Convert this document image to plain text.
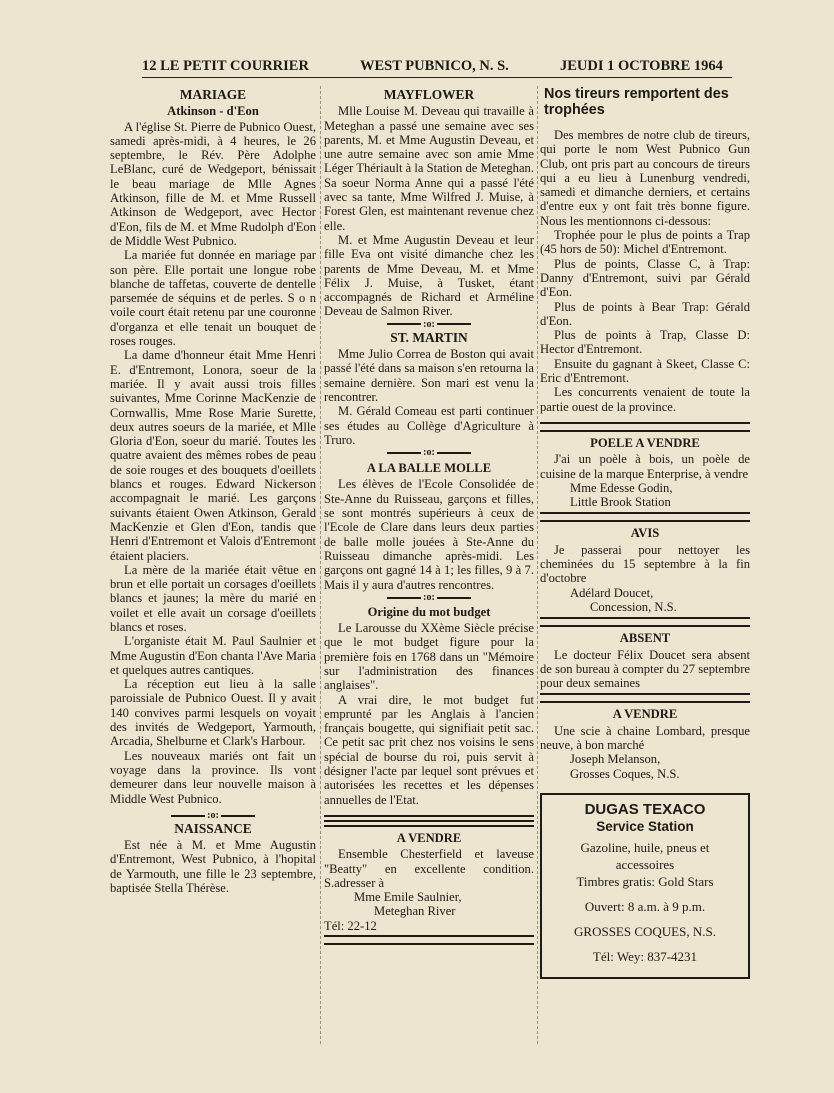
12 LE PETIT COURRIER	WEST PUBNICO, N. S.	JEUDI 1 OCTOBRE 1964
MARIAGE
Atkinson - d'Eon

A l'église St. Pierre de Pubnico Ouest, samedi après-midi, à 4 heures, le 26 septembre, le Rév. Père Adolphe LeBlanc, curé de Wedgeport, bénissait le beau mariage de Mlle Agnes Atkinson, fille de M. et Mme Russell Atkinson de Wedgeport, avec Hector d'Eon, fils de M. et Mme Rudolph d'Eon de Middle West Pubnico.

La mariée fut donnée en mariage par son père. Elle portait une longue robe blanche de taffetas, couverte de dentelle parsemée de séquins et de perles. S o n voile court était retenu par une couronne d'organza et elle tenait un bouquet de roses rouges.

La dame d'honneur était Mme Henri E. d'Entremont, Lonora, soeur de la mariée. Il y avait aussi trois filles suivantes, Mme Corinne MacKenzie de Cornwallis, Mme Rose Marie Surette, deux autres soeurs de la mariée, et Mlle Gloria d'Eon, soeur du marié. Toutes les quatre avaient des mêmes robes de peau de soie rouges et des bouquets d'oeillets blancs et rouges. Edward Nickerson accompagnait le marié. Les garçons suivants étaient Owen Atkinson, Gerald MacKenzie et Glen d'Eon, tandis que Henri d'Entremont et Valois d'Entremont étaient placiers.

La mère de la mariée était vêtue en brun et elle portait un corsages d'oeillets blancs et jaunes; la mère du marié en voilet et elle avait un corsage d'oeillets blancs et roses.

L'organiste était M. Paul Saulnier et Mme Augustin d'Eon chanta l'Ave Maria et quelques autres cantiques.

La réception eut lieu à la salle paroissiale de Pubnico Ouest. Il y avait 140 convives parmi lesquels on voyait des invités de Wedgeport, Yarmouth, Arcadia, Shelburne et Clark's Harbour.

Les nouveaux mariés ont fait un voyage dans la province. Ils vont demeurer dans leur nouvelle maison à Middle West Pubnico.

:o:
NAISSANCE

Est née à M. et Mme Augustin d'Entremont, West Pubnico, à l'hopital de Yarmouth, une fille le 23 septembre, baptisée Stella Thérèse.

MAYFLOWER

Mlle Louise M. Deveau qui travaille à Meteghan a passé une semaine avec ses parents, M. et Mme Augustin Deveau, et une autre semaine avec son amie Mme Léger Thériault à la Station de Meteghan. Sa soeur Norma Anne qui a passé l'été avec sa tante, Mme Wilfred J. Muise, à Forest Glen, est maintenant revenue chez elle.

M. et Mme Augustin Deveau et leur fille Eva ont visité dimanche chez les parents de Mme Deveau, M. et Mme Félix J. Muise, à Tusket, étant accompagnés de Richard et Arméline Deveau de Salmon River.

:o:
ST. MARTIN

Mme Julio Correa de Boston qui avait passé l'été dans sa maison s'en retourna la semaine dernière. Son mari est venu la rencontrer.

M. Gérald Comeau est parti continuer ses études au Collège d'Agriculture à Truro.

:o:
A LA BALLE MOLLE

Les élèves de l'Ecole Consolidée de Ste-Anne du Ruisseau, garçons et filles, se sont montrés supérieurs à ceux de l'Ecole de Clare dans leurs deux parties de balle molle jouées à Ste-Anne du Ruisseau dimanche après-midi. Les garçons ont gagné 14 à 1; les filles, 9 à 7. Mais il y aura d'autres rencontres.

:o:
Origine du mot budget

Le Larousse du XXème Siècle précise que le mot budget figure pour la première fois en 1768 dans un "Mémoire sur l'administration des finances anglaises".

A vrai dire, le mot budget fut emprunté par les Anglais à l'ancien français bougette, qui signifiait petit sac. Ce petit sac prit chez nos voisins le sens spécial de bourse du roi, puis servit à désigner l'acte par lequel sont prévues et autorisées les recettes et les dépenses annuelles de l'Etat.

A VENDRE

Ensemble Chesterfield et laveuse "Beatty" en excellente condition. S.adresser à

Mme Emile Saulnier,

Meteghan River

Tél: 22-12

Nos tireurs remportent des trophées

Des membres de notre club de tireurs, qui porte le nom West Pubnico Gun Club, ont pris part au concours de tireurs qui a eu lieu à Lunenburg vendredi, samedi et dimanche derniers, et certains d'entre eux y ont fait très bonne figure. Nous les mentionnons ci-dessous:

Trophée pour le plus de points a Trap (45 hors de 50): Michel d'Entremont.

Plus de points, Classe C, à Trap: Danny d'Entremont, suivi par Gérald d'Eon.

Plus de points à Bear Trap: Gérald d'Eon.

Plus de points à Trap, Classe D: Hector d'Entremont.

Ensuite du gagnant à Skeet, Classe C: Eric d'Entremont.

Les concurrents venaient de toute la partie ouest de la province.

POELE A VENDRE

J'ai un poèle à bois, un poèle de cuisine de la marque Enterprise, à vendre

Mme Edesse Godin,

Little Brook Station

AVIS

Je passerai pour nettoyer les cheminées du 15 septembre à la fin d'octobre

Adélard Doucet,

Concession, N.S.

ABSENT

Le docteur Félix Doucet sera absent de son bureau à compter du 27 septembre pour deux semaines

A VENDRE

Une scie à chaine Lombard, presque neuve, à bon marché

Joseph Melanson,

Grosses Coques, N.S.

DUGAS TEXACO
Service Station
Gazoline, huile, pneus et
accessoires
Timbres gratis: Gold Stars
Ouvert: 8 a.m. à 9 p.m.
GROSSES COQUES, N.S.
Tél: Wey: 837-4231
